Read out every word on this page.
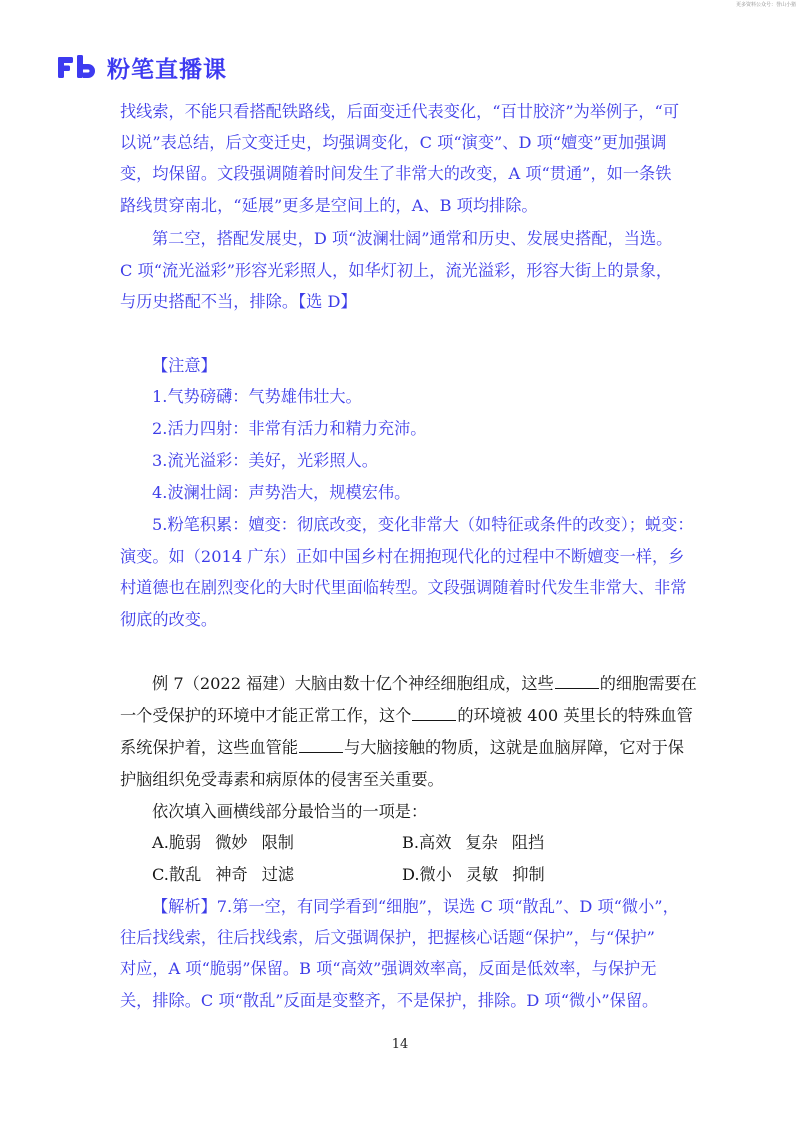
更多资料公众号：誉山小猪
粉笔直播课
找线索，不能只看搭配铁路线，后面变迁代表变化，“百廿胶济”为举例子，“可
以说”表总结，后文变迁史，均强调变化，C 项“演变”、D 项“嬗变”更加强调
变，均保留。文段强调随着时间发生了非常大的改变，A 项“贯通”，如一条铁
路线贯穿南北，“延展”更多是空间上的，A、B 项均排除。
第二空，搭配发展史，D 项“波澜壮阔”通常和历史、发展史搭配，当选。
C 项“流光溢彩”形容光彩照人，如华灯初上，流光溢彩，形容大街上的景象，
与历史搭配不当，排除。【选 D】
【注意】
1.气势磅礴：气势雄伟壮大。
2.活力四射：非常有活力和精力充沛。
3.流光溢彩：美好，光彩照人。
4.波澜壮阔：声势浩大，规模宏伟。
5.粉笔积累：嬗变：彻底改变，变化非常大（如特征或条件的改变）；蜕变：
演变。如（2014 广东）正如中国乡村在拥抱现代化的过程中不断嬗变一样，乡
村道德也在剧烈变化的大时代里面临转型。文段强调随着时代发生非常大、非常
彻底的改变。
例 7（2022 福建）大脑由数十亿个神经细胞组成，这些	的细胞需要在
一个受保护的环境中才能正常工作，这个	的环境被 400 英里长的特殊血管
系统保护着，这些血管能	与大脑接触的物质，这就是血脑屏障，它对于保
护脑组织免受毒素和病原体的侵害至关重要。
依次填入画横线部分最恰当的一项是：
A.脆弱 微妙 限制	B.高效 复杂 阻挡
C.散乱 神奇 过滤	D.微小 灵敏 抑制
【解析】7.第一空，有同学看到“细胞”，误选 C 项“散乱”、D 项“微小”，
往后找线索，往后找线索，后文强调保护，把握核心话题“保护”，与“保护”
对应，A 项“脆弱”保留。B 项“高效”强调效率高，反面是低效率，与保护无
关，排除。C 项“散乱”反面是变整齐，不是保护，排除。D 项“微小”保留。
14
